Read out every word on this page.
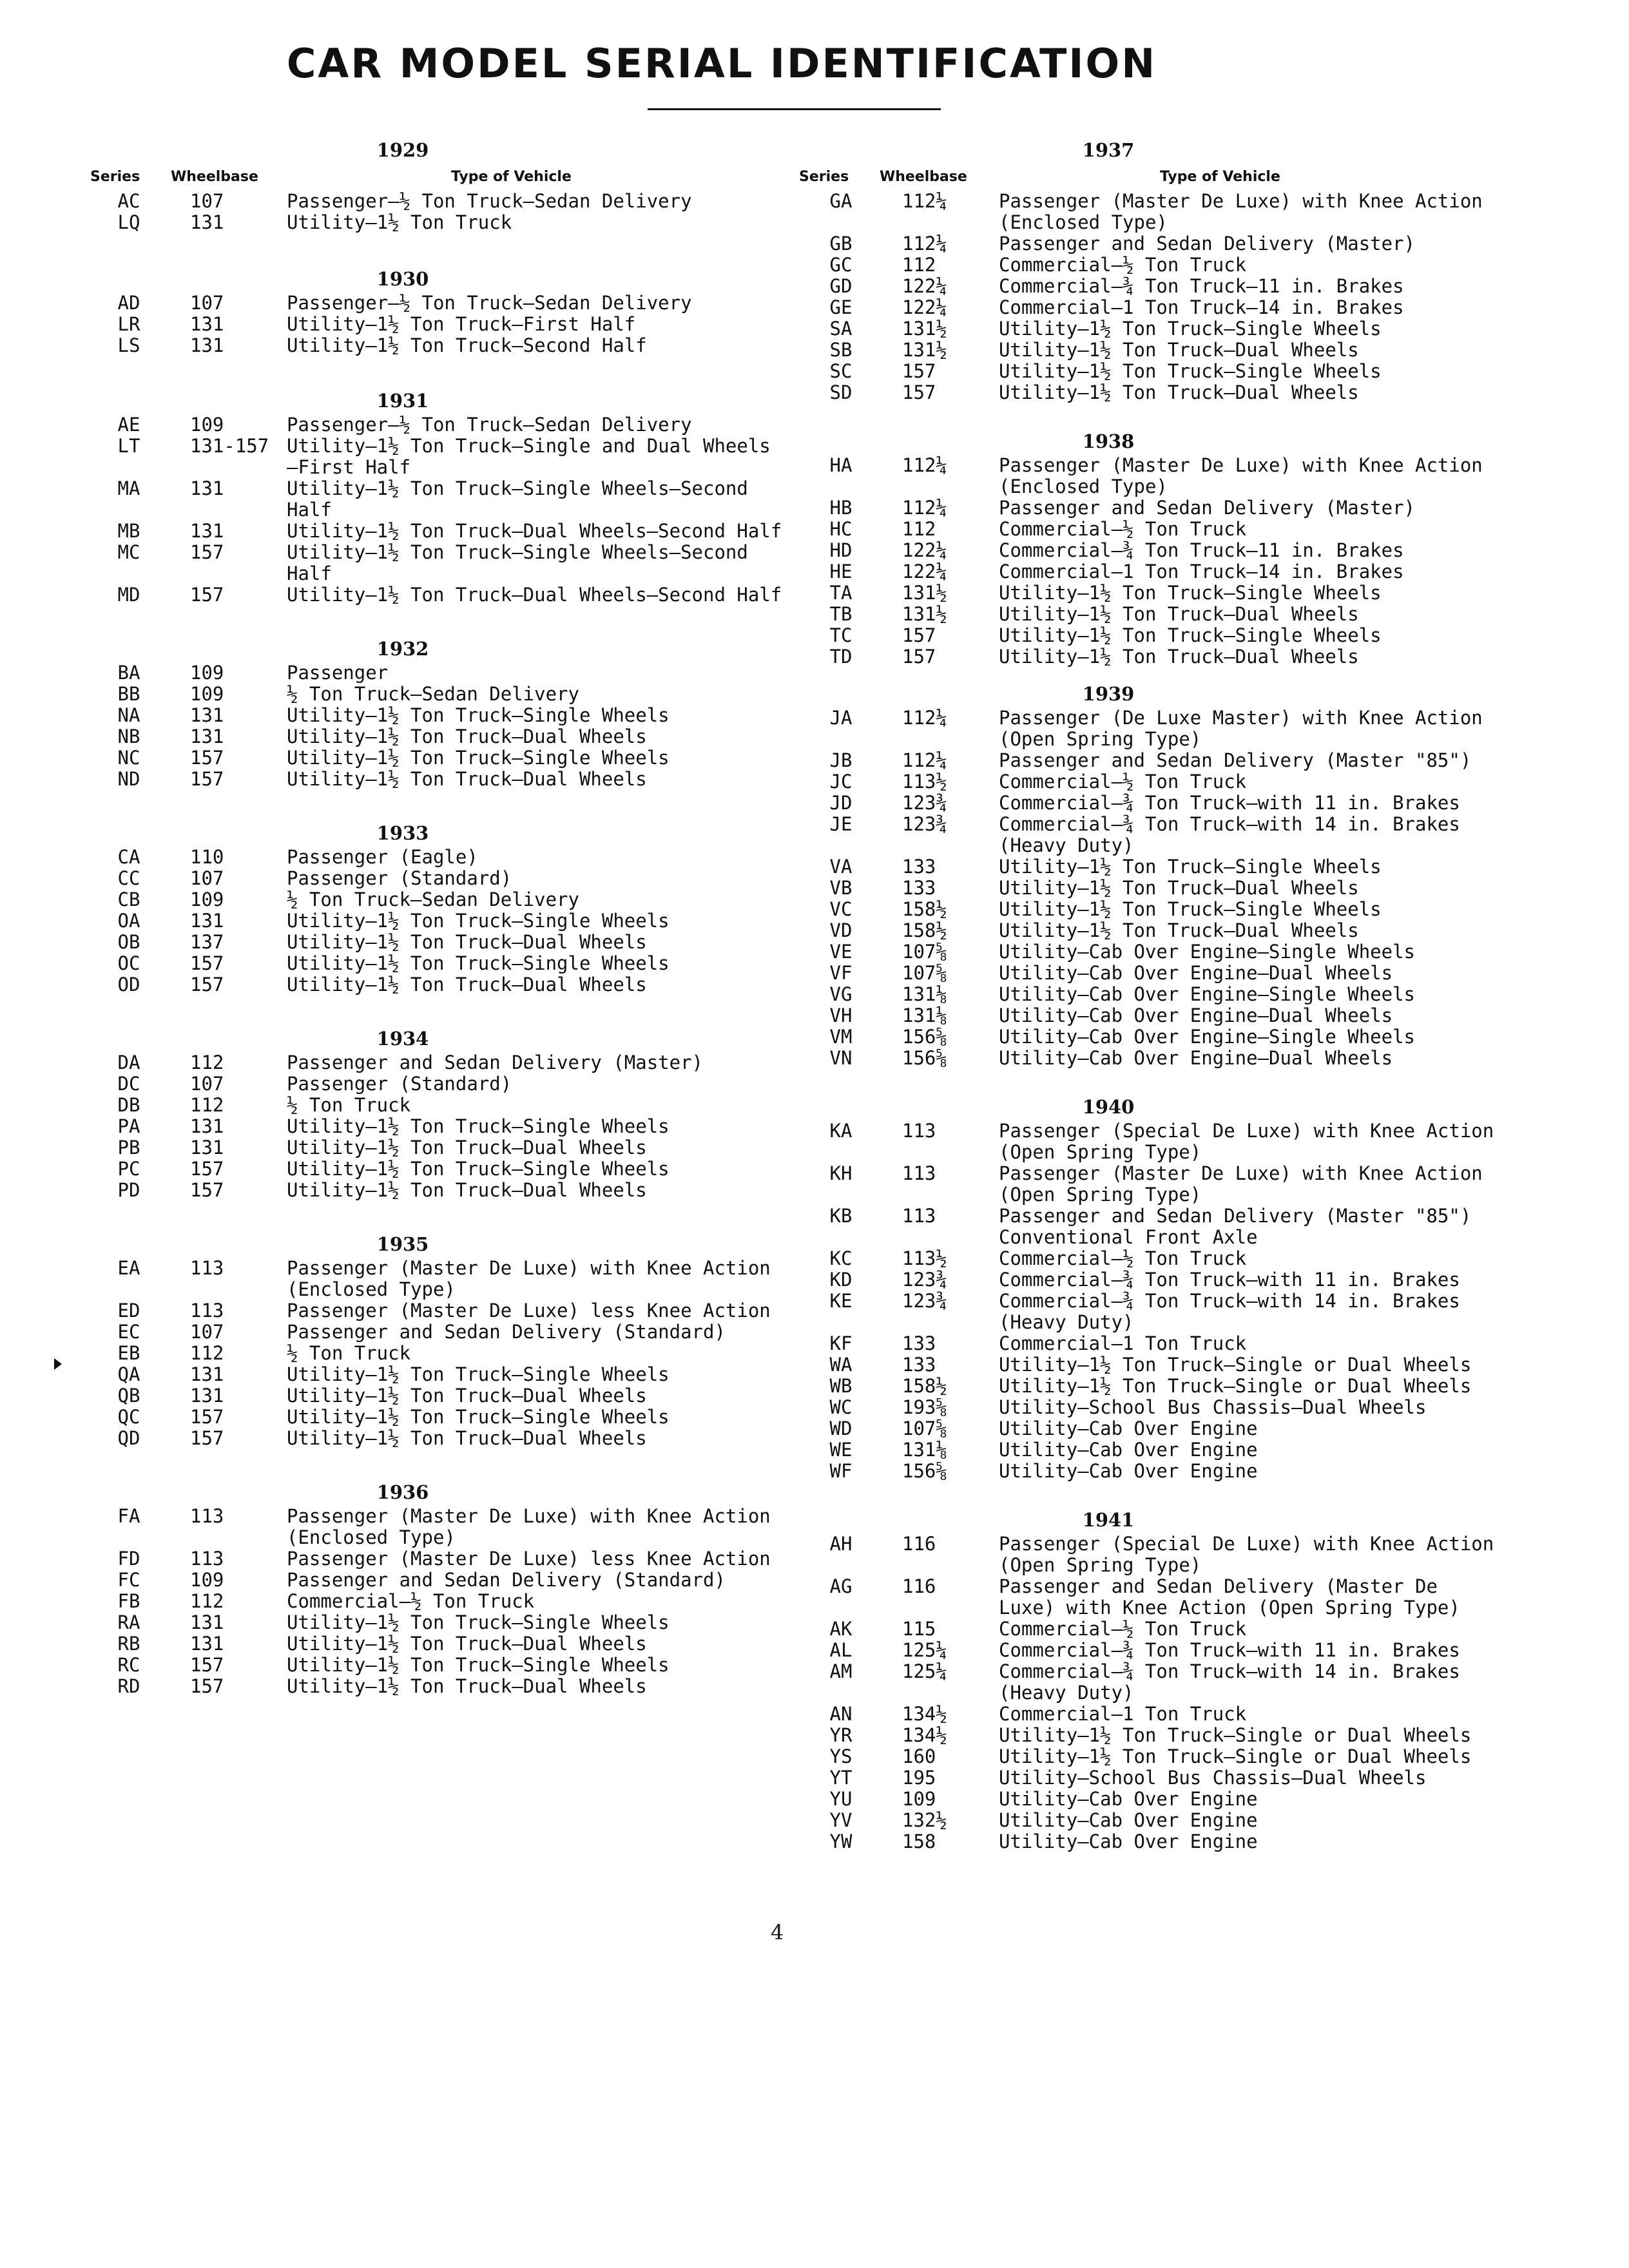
CAR MODEL SERIAL IDENTIFICATION
1929
Series Wheelbase	Type of Vehicle
AC	107	Passenger—½ Ton Truck—Sedan Delivery
LQ	131	Utility—1½ Ton Truck
1930
AD	107	Passenger—½ Ton Truck—Sedan Delivery
LR	131	Utility—1½ Ton Truck—First Half
LS	131	Utility—1½ Ton Truck—Second Half
1931
AE	109	Passenger—½ Ton Truck—Sedan Delivery
LT	131-157 Utility—1½ Ton Truck—Single and Dual Wheels —First Half
MA	131	Utility—1½ Ton Truck—Single Wheels—Second Half
MB	131	Utility—1½ Ton Truck—Dual Wheels—Second Half
MC	157	Utility—1½ Ton Truck—Single Wheels—Second Half
MD	157	Utility—1½ Ton Truck—Dual Wheels—Second Half
1932
BA	109	Passenger
BB	109	½ Ton Truck—Sedan Delivery
NA	131	Utility—1½ Ton Truck—Single Wheels
NB	131	Utility—1½ Ton Truck—Dual Wheels
NC	157	Utility—1½ Ton Truck—Single Wheels
ND	157	Utility—1½ Ton Truck—Dual Wheels
1933
CA	110	Passenger (Eagle)
CC	107	Passenger (Standard)
CB	109	½ Ton Truck—Sedan Delivery
OA	131	Utility—1½ Ton Truck—Single Wheels
OB	137	Utility—1½ Ton Truck—Dual Wheels
OC	157	Utility—1½ Ton Truck—Single Wheels
OD	157	Utility—1½ Ton Truck—Dual Wheels
1934
DA	112	Passenger and Sedan Delivery (Master)
DC	107	Passenger (Standard)
DB	112	½ Ton Truck
PA	131	Utility—1½ Ton Truck—Single Wheels
PB	131	Utility—1½ Ton Truck—Dual Wheels
PC	157	Utility—1½ Ton Truck—Single Wheels
PD	157	Utility—1½ Ton Truck—Dual Wheels
1935
EA	113	Passenger (Master De Luxe) with Knee Action (Enclosed Type)
ED	113	Passenger (Master De Luxe) less Knee Action
EC	107	Passenger and Sedan Delivery (Standard)
EB	112	½ Ton Truck
QA	131	Utility—1½ Ton Truck—Single Wheels
QB	131	Utility—1½ Ton Truck—Dual Wheels
QC	157	Utility—1½ Ton Truck—Single Wheels
QD	157	Utility—1½ Ton Truck—Dual Wheels
1936
FA	113	Passenger (Master De Luxe) with Knee Action (Enclosed Type)
FD	113	Passenger (Master De Luxe) less Knee Action
FC	109	Passenger and Sedan Delivery (Standard)
FB	112	Commercial—½ Ton Truck
RA	131	Utility—1½ Ton Truck—Single Wheels
RB	131	Utility—1½ Ton Truck—Dual Wheels
RC	157	Utility—1½ Ton Truck—Single Wheels
RD	157	Utility—1½ Ton Truck—Dual Wheels
1937
Series Wheelbase	Type of Vehicle
GA	112¼	Passenger (Master De Luxe) with Knee Action (Enclosed Type)
GB	112¼	Passenger and Sedan Delivery (Master)
GC	112	Commercial—½ Ton Truck
GD	122¼	Commercial—¾ Ton Truck—11 in. Brakes
GE	122¼	Commercial—1 Ton Truck—14 in. Brakes
SA	131½	Utility—1½ Ton Truck—Single Wheels
SB	131½	Utility—1½ Ton Truck—Dual Wheels
SC	157	Utility—1½ Ton Truck—Single Wheels
SD	157	Utility—1½ Ton Truck—Dual Wheels
1938
HA	112¼	Passenger (Master De Luxe) with Knee Action (Enclosed Type)
HB	112¼	Passenger and Sedan Delivery (Master)
HC	112	Commercial—½ Ton Truck
HD	122¼	Commercial—¾ Ton Truck—11 in. Brakes
HE	122¼	Commercial—1 Ton Truck—14 in. Brakes
TA	131½	Utility—1½ Ton Truck—Single Wheels
TB	131½	Utility—1½ Ton Truck—Dual Wheels
TC	157	Utility—1½ Ton Truck—Single Wheels
TD	157	Utility—1½ Ton Truck—Dual Wheels
1939
JA	112¼	Passenger (De Luxe Master) with Knee Action (Open Spring Type)
JB	112¼	Passenger and Sedan Delivery (Master "85")
JC	113½	Commercial—½ Ton Truck
JD	123¾	Commercial—¾ Ton Truck—with 11 in. Brakes
JE	123¾	Commercial—¾ Ton Truck—with 14 in. Brakes (Heavy Duty)
VA	133	Utility—1½ Ton Truck—Single Wheels
VB	133	Utility—1½ Ton Truck—Dual Wheels
VC	158½	Utility—1½ Ton Truck—Single Wheels
VD	158½	Utility—1½ Ton Truck—Dual Wheels
VE	107⅝	Utility—Cab Over Engine—Single Wheels
VF	107⅝	Utility—Cab Over Engine—Dual Wheels
VG	131⅛	Utility—Cab Over Engine—Single Wheels
VH	131⅛	Utility—Cab Over Engine—Dual Wheels
VM	156⅝	Utility—Cab Over Engine—Single Wheels
VN	156⅝	Utility—Cab Over Engine—Dual Wheels
1940
KA	113	Passenger (Special De Luxe) with Knee Action (Open Spring Type)
KH	113	Passenger (Master De Luxe) with Knee Action (Open Spring Type)
KB	113	Passenger and Sedan Delivery (Master "85") Conventional Front Axle
KC	113½	Commercial—½ Ton Truck
KD	123¾	Commercial—¾ Ton Truck—with 11 in. Brakes
KE	123¾	Commercial—¾ Ton Truck—with 14 in. Brakes (Heavy Duty)
KF	133	Commercial—1 Ton Truck
WA	133	Utility—1½ Ton Truck—Single or Dual Wheels
WB	158½	Utility—1½ Ton Truck—Single or Dual Wheels
WC	193⅝	Utility—School Bus Chassis—Dual Wheels
WD	107⅝	Utility—Cab Over Engine
WE	131⅛	Utility—Cab Over Engine
WF	156⅝	Utility—Cab Over Engine
1941
AH	116	Passenger (Special De Luxe) with Knee Action (Open Spring Type)
AG	116	Passenger and Sedan Delivery (Master De Luxe) with Knee Action (Open Spring Type)
AK	115	Commercial—½ Ton Truck
AL	125¼	Commercial—¾ Ton Truck—with 11 in. Brakes
AM	125¼	Commercial—¾ Ton Truck—with 14 in. Brakes (Heavy Duty)
AN	134½	Commercial—1 Ton Truck
YR	134½	Utility—1½ Ton Truck—Single or Dual Wheels
YS	160	Utility—1½ Ton Truck—Single or Dual Wheels
YT	195	Utility—School Bus Chassis—Dual Wheels
YU	109	Utility—Cab Over Engine
YV	132½	Utility—Cab Over Engine
YW	158	Utility—Cab Over Engine
4
